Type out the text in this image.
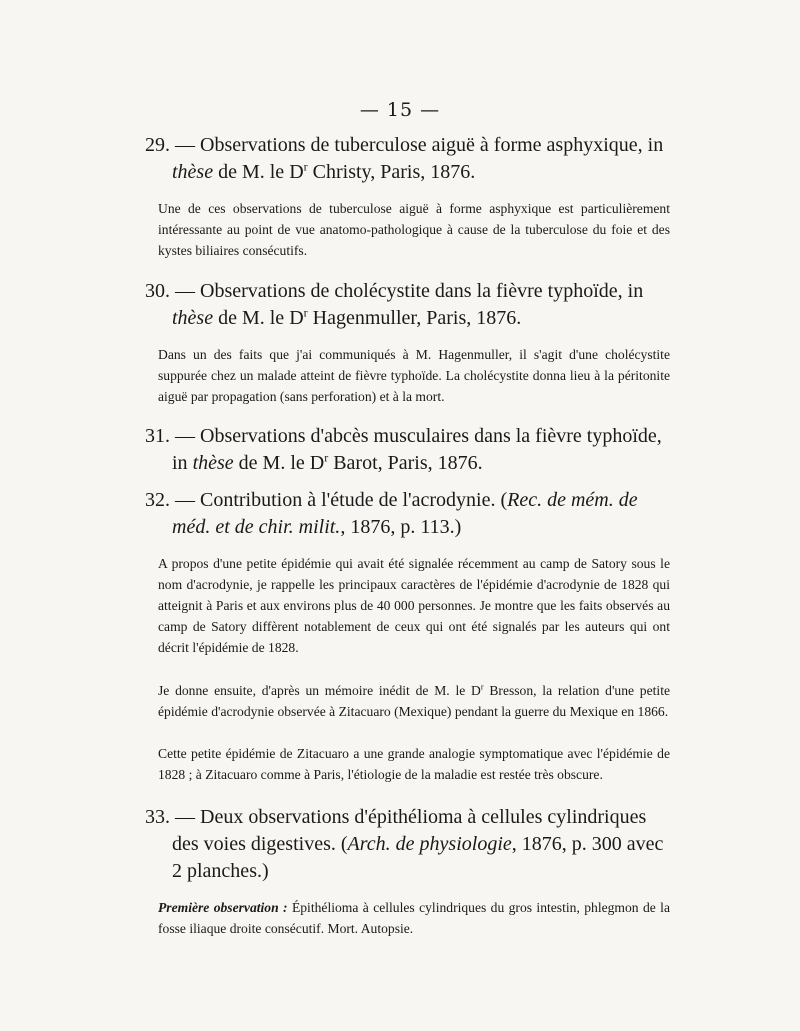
— 15 —

29. — Observations de tuberculose aiguë à forme asphyxique, in
thèse de M. le $D^r$ Christy, Paris, 1876.

Une de ces observations de tuberculose aiguë à forme asphyxique est particulièrement intéressante au point de vue anatomo-pathologique à cause de la tuberculose du foie et des kystes biliaires consécutifs.

30. — Observations de cholécystite dans la fièvre typhoïde, in
thèse de M. le $D^r$ Hagenmuller, Paris, 1876.

Dans un des faits que j'ai communiqués à M. Hagenmuller, il s'agit d'une cholécystite suppurée chez un malade atteint de fièvre typhoïde. La cholécystite donna lieu à la péritonite aiguë par propagation (sans perforation) et à la mort.

31. — Observations d'abcès musculaires dans la fièvre typhoïde,
in thèse de M. le $D^r$ Barot, Paris, 1876.

32. — Contribution à l'étude de l'acrodynie. (Rec. de mém. de
méd. et de chir. milit., 1876, p. 113.)

A propos d'une petite épidémie qui avait été signalée récemment au camp de Satory sous le nom d'acrodynie, je rappelle les principaux caractères de l'épidémie d'acrodynie de 1828 qui atteignit à Paris et aux environs plus de 40 000 personnes. Je montre que les faits observés au camp de Satory diffèrent notablement de ceux qui ont été signalés par les auteurs qui ont décrit l'épidémie de 1828.

Je donne ensuite, d'après un mémoire inédit de M. le $D^r$ Bresson, la relation d'une petite épidémie d'acrodynie observée à Zitacuaro (Mexique) pendant la guerre du Mexique en 1866.

Cette petite épidémie de Zitacuaro a une grande analogie symptomatique avec l'épidémie de 1828 ; à Zitacuaro comme à Paris, l'étiologie de la maladie est restée très obscure.

33. — Deux observations d'épithélioma à cellules cylindriques
des voies digestives. (Arch. de physiologie, 1876, p. 300 avec
2 planches.)

Première observation : Épithélioma à cellules cylindriques du gros intestin, phlegmon de la fosse iliaque droite consécutif. Mort. Autopsie.
